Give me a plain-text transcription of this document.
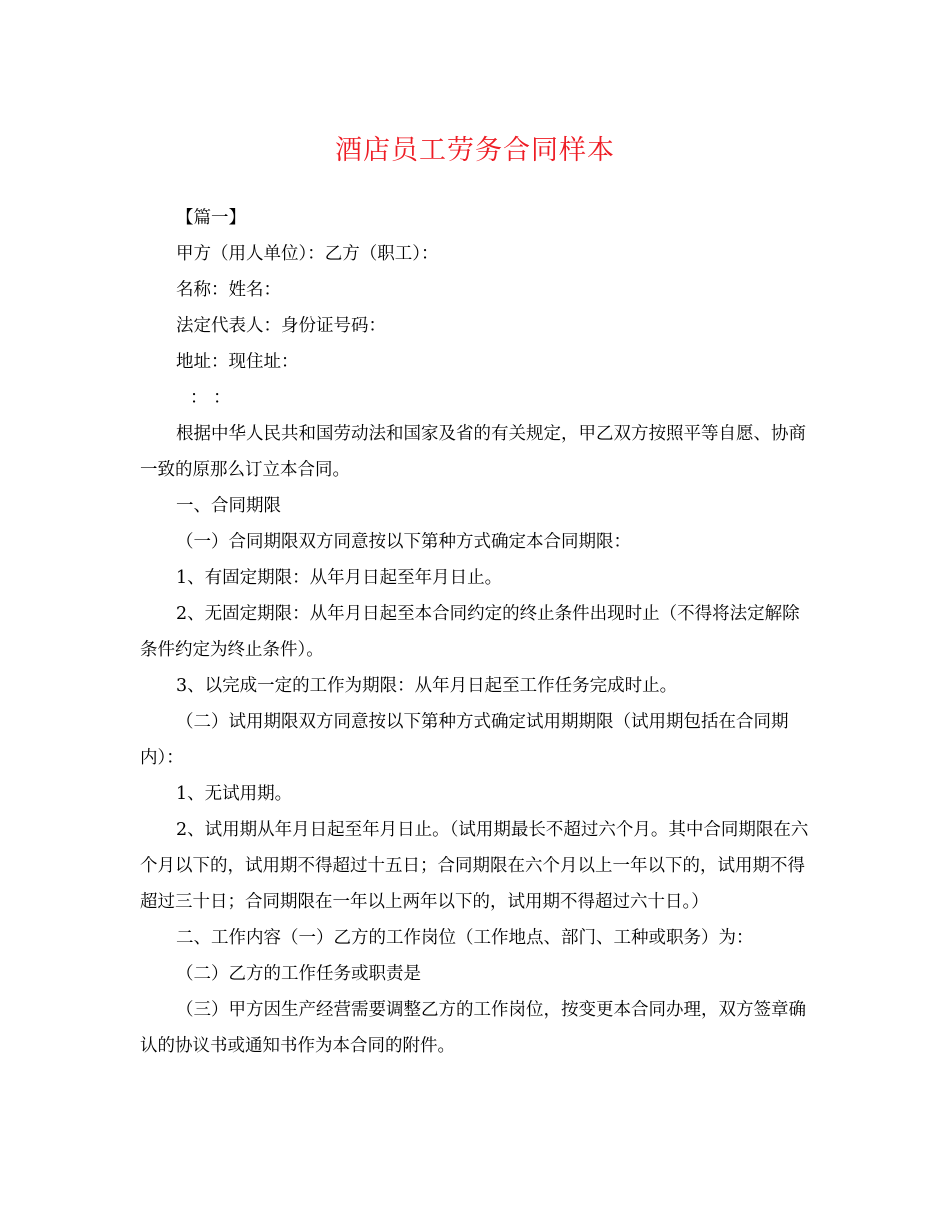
酒店员工劳务合同样本

【篇一】

甲方（用人单位）：乙方（职工）：

名称：姓名：

法定代表人：身份证号码：

地址：现住址：

： ：

根据中华人民共和国劳动法和国家及省的有关规定，甲乙双方按照平等自愿、协商一致的原那么订立本合同。

一、合同期限

（一）合同期限双方同意按以下第种方式确定本合同期限：

1、有固定期限：从年月日起至年月日止。

2、无固定期限：从年月日起至本合同约定的终止条件出现时止（不得将法定解除条件约定为终止条件）。

3、以完成一定的工作为期限：从年月日起至工作任务完成时止。

（二）试用期限双方同意按以下第种方式确定试用期期限（试用期包括在合同期内）：

1、无试用期。

2、试用期从年月日起至年月日止。（试用期最长不超过六个月。其中合同期限在六个月以下的，试用期不得超过十五日；合同期限在六个月以上一年以下的，试用期不得超过三十日；合同期限在一年以上两年以下的，试用期不得超过六十日。）

二、工作内容（一）乙方的工作岗位（工作地点、部门、工种或职务）为：

（二）乙方的工作任务或职责是

（三）甲方因生产经营需要调整乙方的工作岗位，按变更本合同办理，双方签章确认的协议书或通知书作为本合同的附件。
